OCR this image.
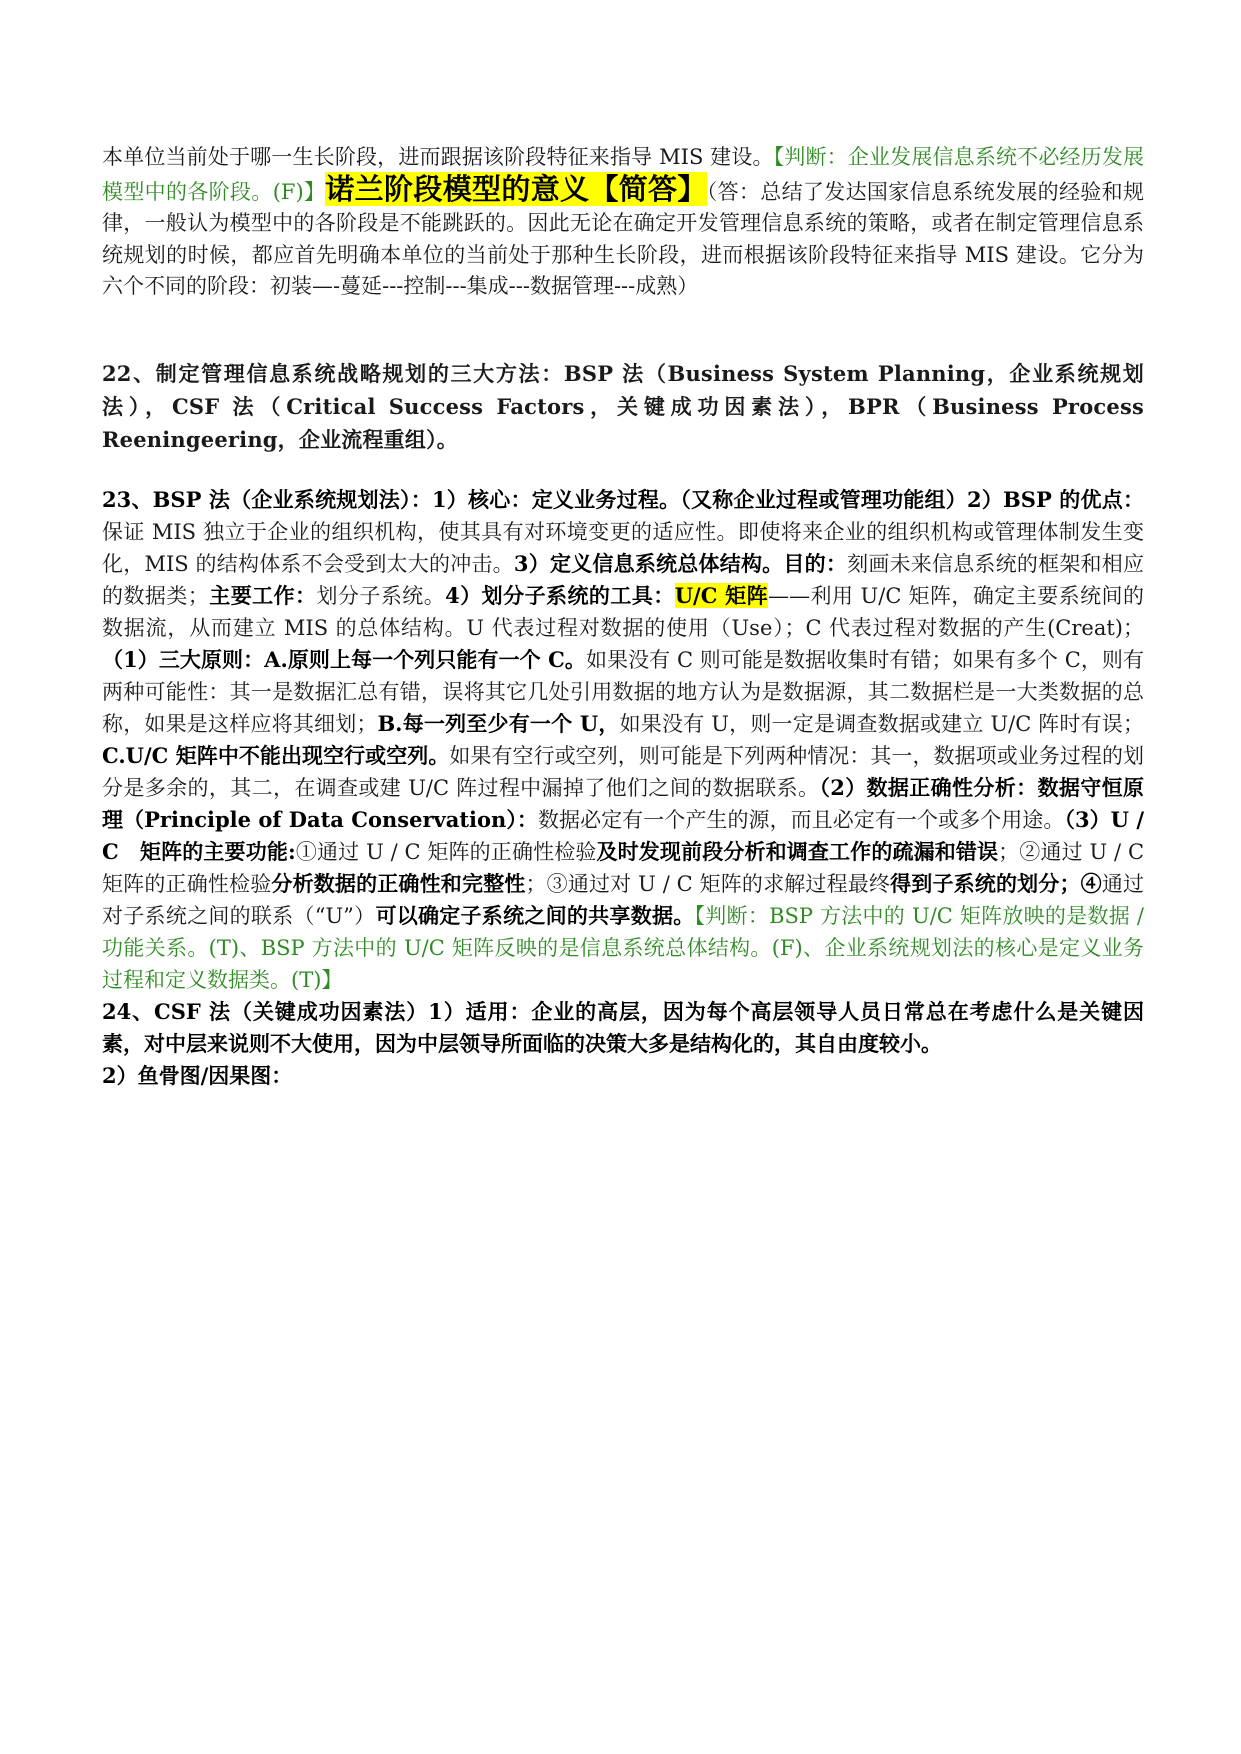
本单位当前处于哪一生长阶段，进而跟据该阶段特征来指导 MIS 建设。【判断：企业发展信息系统不必经历发展模型中的各阶段。(F)】诺兰阶段模型的意义【简答】（答：总结了发达国家信息系统发展的经验和规律，一般认为模型中的各阶段是不能跳跃的。因此无论在确定开发管理信息系统的策略，或者在制定管理信息系统规划的时候，都应首先明确本单位的当前处于那种生长阶段，进而根据该阶段特征来指导 MIS 建设。它分为六个不同的阶段：初装—-蔓延---控制---集成---数据管理---成熟）

22、制定管理信息系统战略规划的三大方法：BSP 法（Business System Planning，企业系统规划法），CSF 法（Critical Success Factors，关键成功因素法），BPR（Business Process Reeningeering，企业流程重组）。

23、BSP 法（企业系统规划法）：1）核心：定义业务过程。（又称企业过程或管理功能组）2）BSP 的优点：保证 MIS 独立于企业的组织机构，使其具有对环境变更的适应性。即使将来企业的组织机构或管理体制发生变化，MIS 的结构体系不会受到太大的冲击。3）定义信息系统总体结构。目的：刻画未来信息系统的框架和相应的数据类；主要工作：划分子系统。4）划分子系统的工具：U/C 矩阵——利用 U/C 矩阵，确定主要系统间的数据流，从而建立 MIS 的总体结构。U 代表过程对数据的使用（Use）；C 代表过程对数据的产生(Creat)；（1）三大原则：A.原则上每一个列只能有一个 C。如果没有 C 则可能是数据收集时有错；如果有多个 C，则有两种可能性：其一是数据汇总有错，误将其它几处引用数据的地方认为是数据源，其二数据栏是一大类数据的总称，如果是这样应将其细划；B.每一列至少有一个 U，如果没有 U，则一定是调查数据或建立 U/C 阵时有误；C.U/C 矩阵中不能出现空行或空列。如果有空行或空列，则可能是下列两种情况：其一，数据项或业务过程的划分是多余的，其二，在调查或建 U/C 阵过程中漏掉了他们之间的数据联系。（2）数据正确性分析：数据守恒原理（Principle of Data Conservation）：数据必定有一个产生的源，而且必定有一个或多个用途。（3）U / C　矩阵的主要功能:①通过 U / C 矩阵的正确性检验及时发现前段分析和调查工作的疏漏和错误；②通过 U / C 矩阵的正确性检验分析数据的正确性和完整性；③通过对 U / C 矩阵的求解过程最终得到子系统的划分；④通过对子系统之间的联系（“U”）可以确定子系统之间的共享数据。【判断：BSP 方法中的 U/C 矩阵放映的是数据 / 功能关系。(T)、BSP 方法中的 U/C 矩阵反映的是信息系统总体结构。(F)、企业系统规划法的核心是定义业务过程和定义数据类。(T)】

24、CSF 法（关键成功因素法）1）适用：企业的高层，因为每个高层领导人员日常总在考虑什么是关键因素，对中层来说则不大使用，因为中层领导所面临的决策大多是结构化的，其自由度较小。

2）鱼骨图/因果图：
